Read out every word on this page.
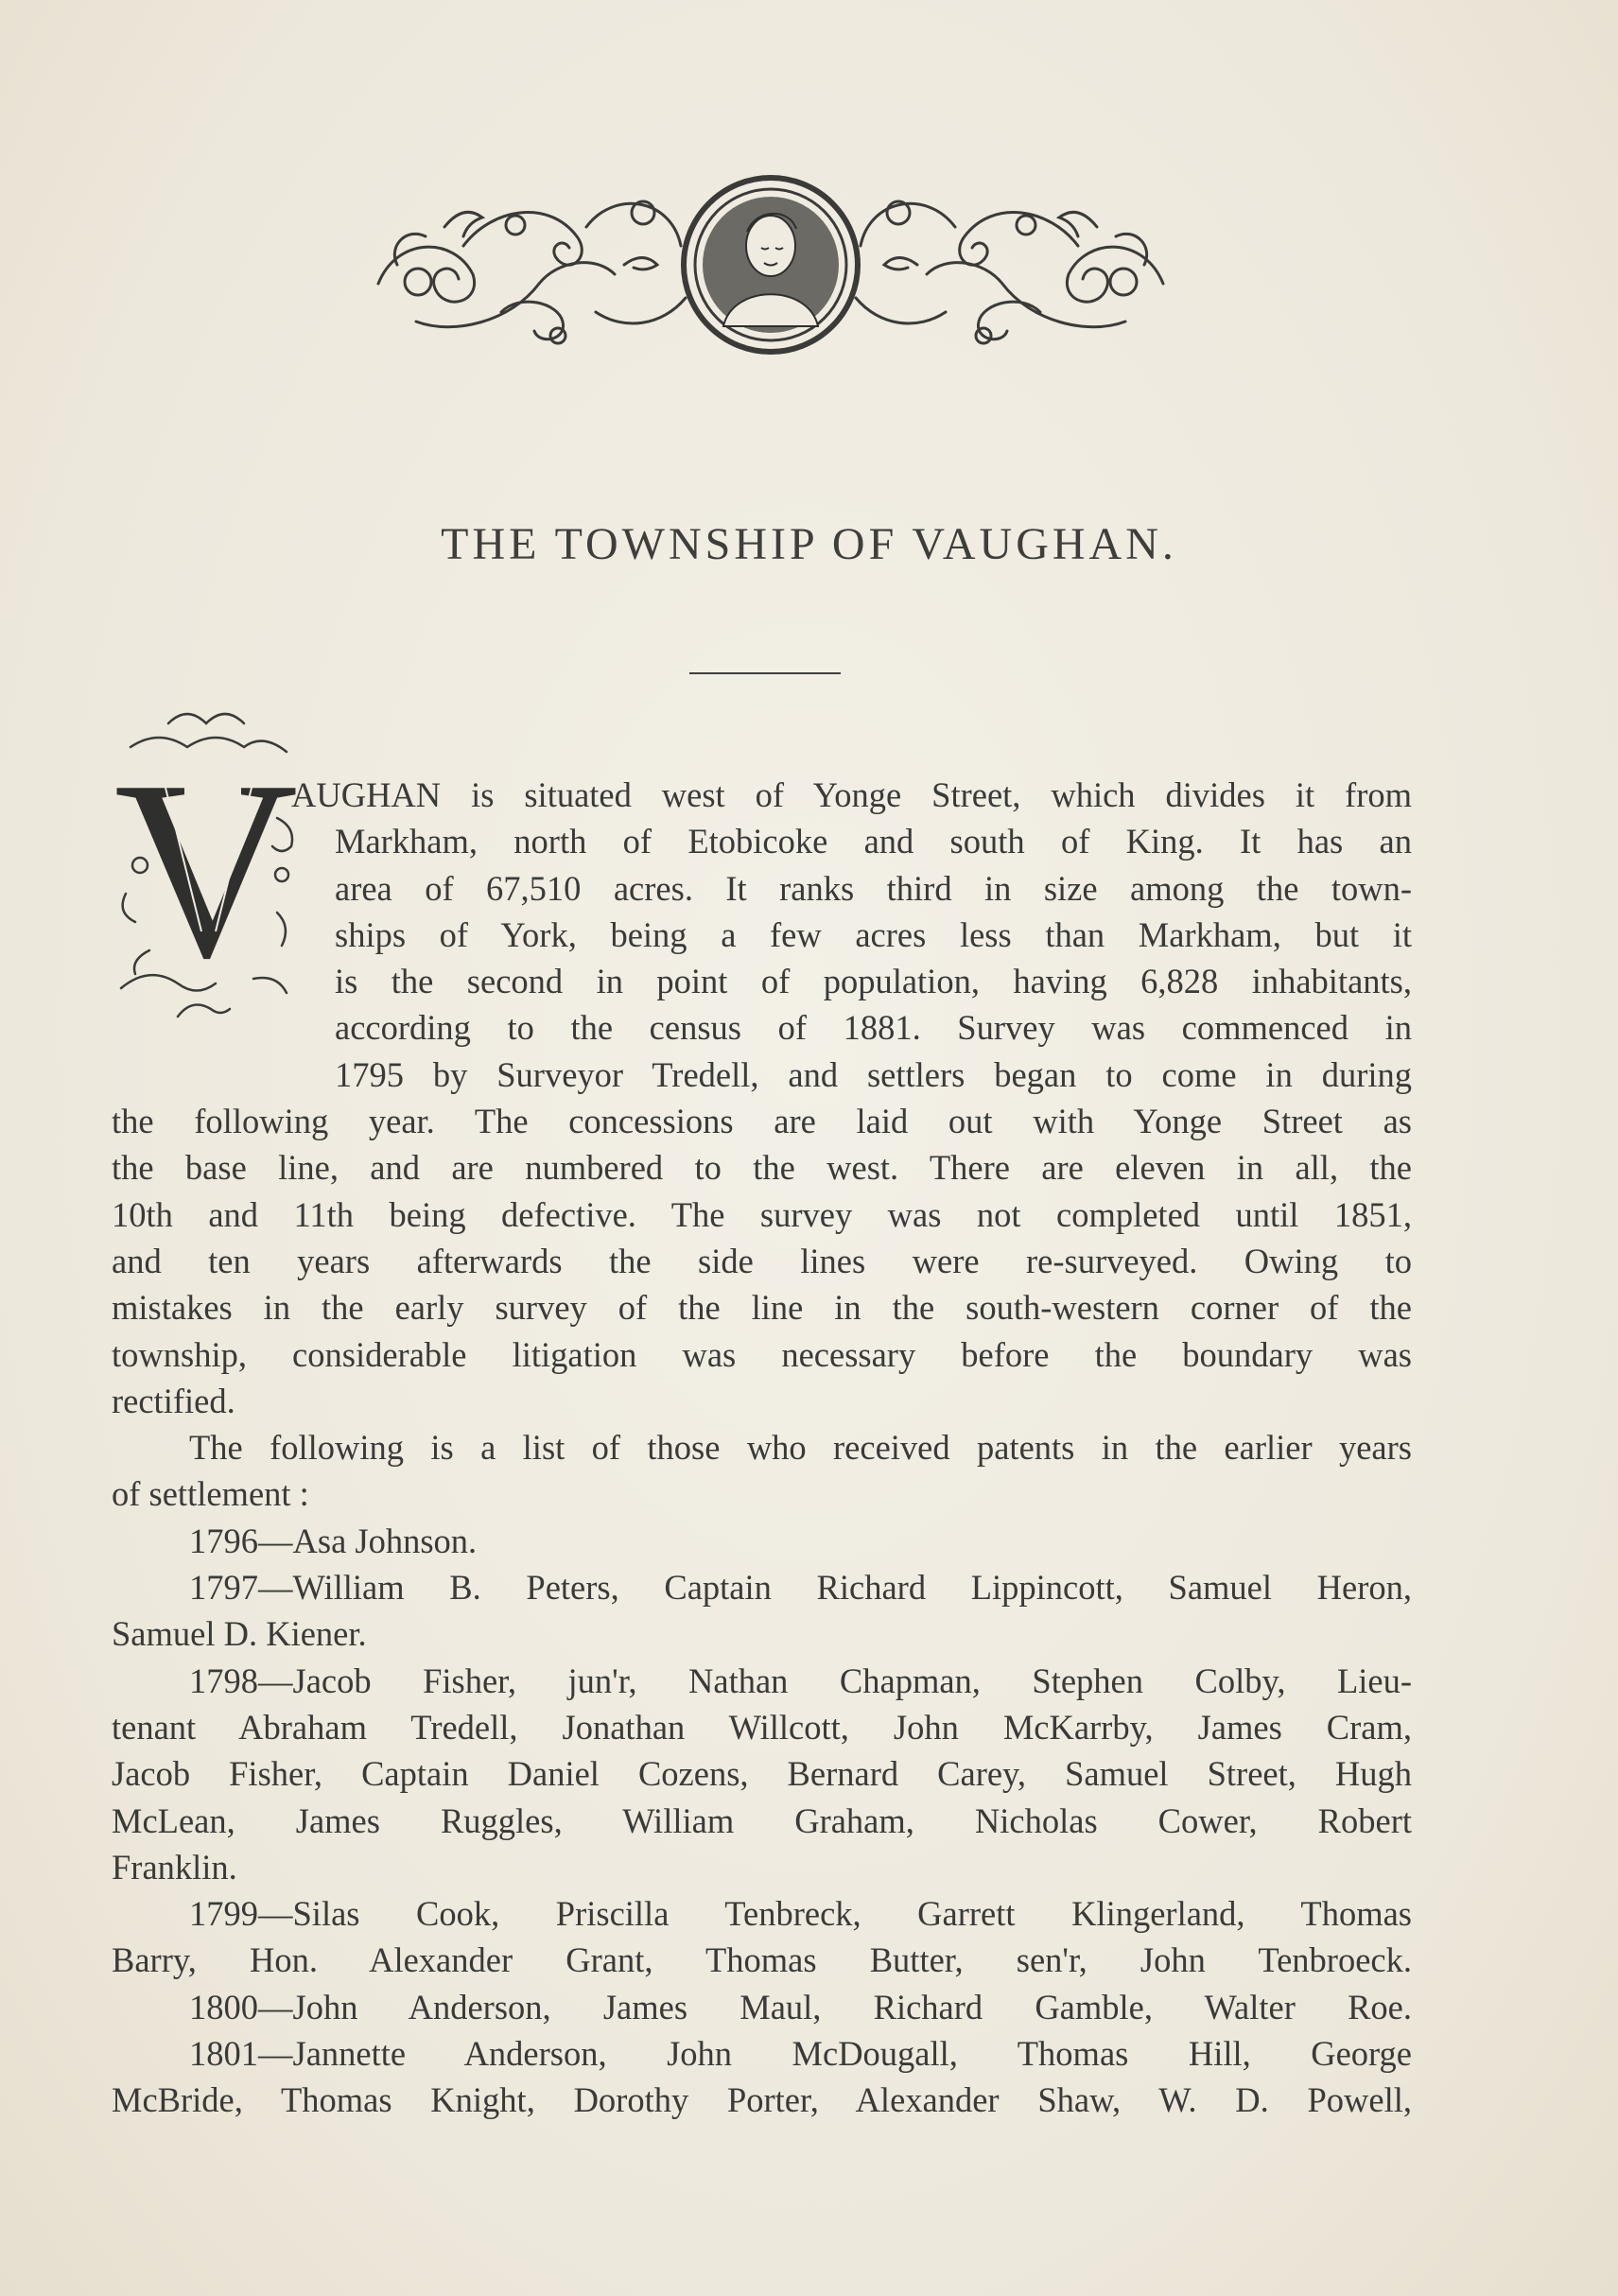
THE TOWNSHIP OF VAUGHAN.
V

AUGHAN is situated west of Yonge Street, which divides it from

Markham, north of Etobicoke and south of King. It has an

area of 67,510 acres. It ranks third in size among the town-

ships of York, being a few acres less than Markham, but it

is the second in point of population, having 6,828 inhabitants,

according to the census of 1881. Survey was commenced in

1795 by Surveyor Tredell, and settlers began to come in during

the following year. The concessions are laid out with Yonge Street as

the base line, and are numbered to the west. There are eleven in all, the

10th and 11th being defective. The survey was not completed until 1851,

and ten years afterwards the side lines were re-surveyed. Owing to

mistakes in the early survey of the line in the south-western corner of the

township, considerable litigation was necessary before the boundary was

rectified.

The following is a list of those who received patents in the earlier years

of settlement :

1796—Asa Johnson.

1797—William B. Peters, Captain Richard Lippincott, Samuel Heron,

Samuel D. Kiener.

1798—Jacob Fisher, jun'r, Nathan Chapman, Stephen Colby, Lieu-

tenant Abraham Tredell, Jonathan Willcott, John McKarrby, James Cram,

Jacob Fisher, Captain Daniel Cozens, Bernard Carey, Samuel Street, Hugh

McLean, James Ruggles, William Graham, Nicholas Cower, Robert

Franklin.

1799—Silas Cook, Priscilla Tenbreck, Garrett Klingerland, Thomas

Barry, Hon. Alexander Grant, Thomas Butter, sen'r, John Tenbroeck.

1800—John Anderson, James Maul, Richard Gamble, Walter Roe.

1801—Jannette Anderson, John McDougall, Thomas Hill, George

McBride, Thomas Knight, Dorothy Porter, Alexander Shaw, W. D. Powell,
